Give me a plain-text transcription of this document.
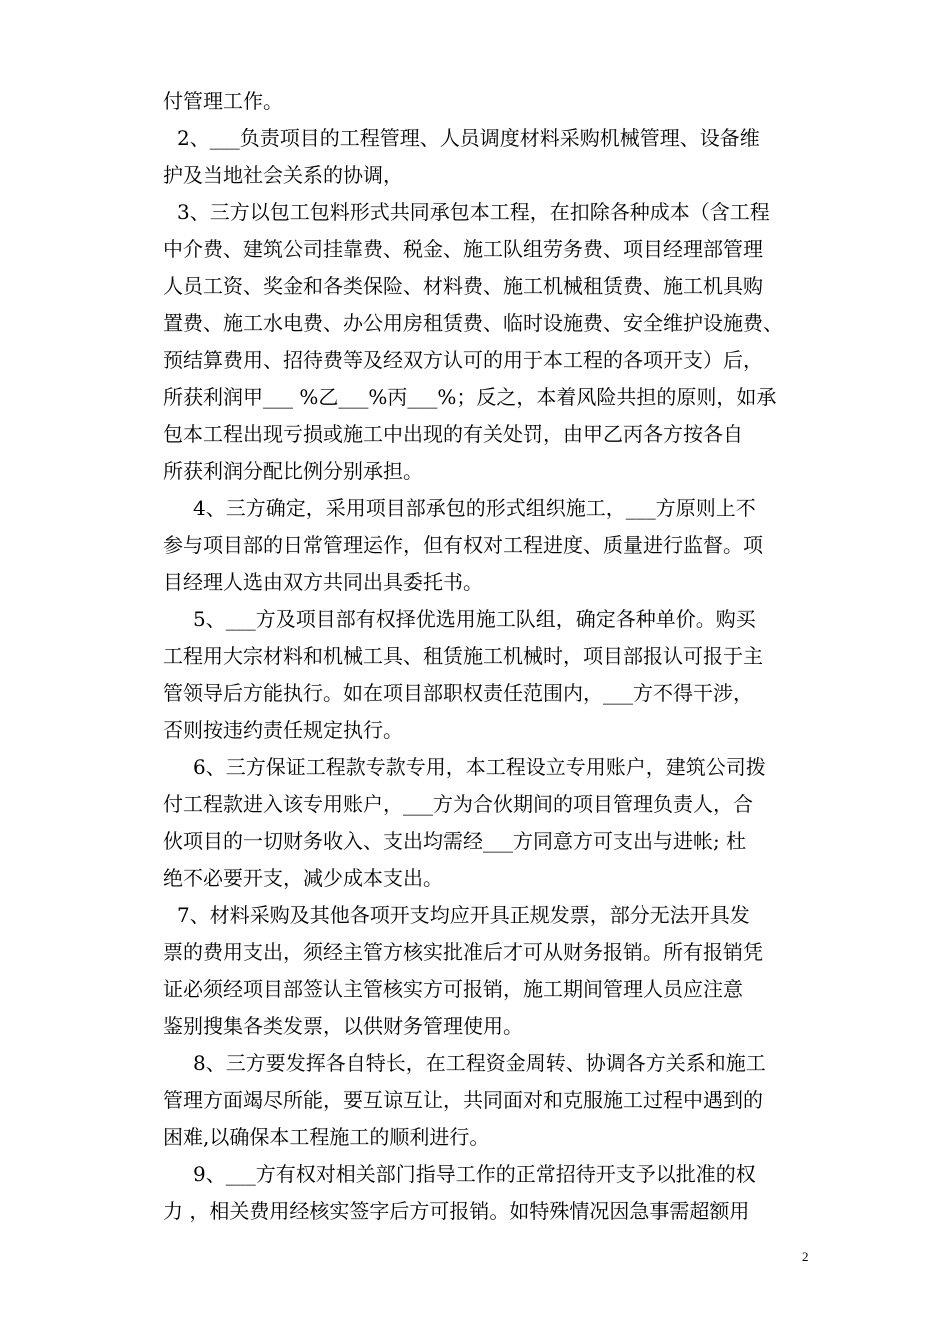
付管理工作。
2、___负责项目的工程管理、人员调度材料采购机械管理、设备维
护及当地社会关系的协调，
3、三方以包工包料形式共同承包本工程，在扣除各种成本（含工程
中介费、建筑公司挂靠费、税金、施工队组劳务费、项目经理部管理
人员工资、奖金和各类保险、材料费、施工机械租赁费、施工机具购
置费、施工水电费、办公用房租赁费、临时设施费、安全维护设施费、
预结算费用、招待费等及经双方认可的用于本工程的各项开支）后，
所获利润甲___ %乙___%丙___%；反之，本着风险共担的原则，如承
包本工程出现亏损或施工中出现的有关处罚，由甲乙丙各方按各自
所获利润分配比例分别承担。
4、三方确定，采用项目部承包的形式组织施工，___方原则上不
参与项目部的日常管理运作，但有权对工程进度、质量进行监督。项
目经理人选由双方共同出具委托书。
5、___方及项目部有权择优选用施工队组，确定各种单价。购买
工程用大宗材料和机械工具、租赁施工机械时，项目部报认可报于主
管领导后方能执行。如在项目部职权责任范围内，___方不得干涉，
否则按违约责任规定执行。
6、三方保证工程款专款专用，本工程设立专用账户，建筑公司拨
付工程款进入该专用账户，___方为合伙期间的项目管理负责人，合
伙项目的一切财务收入、支出均需经___方同意方可支出与进帐; 杜
绝不必要开支，减少成本支出。
7、材料采购及其他各项开支均应开具正规发票，部分无法开具发
票的费用支出，须经主管方核实批准后才可从财务报销。所有报销凭
证必须经项目部签认主管核实方可报销，施工期间管理人员应注意
鉴别搜集各类发票，以供财务管理使用。
8、三方要发挥各自特长，在工程资金周转、协调各方关系和施工
管理方面竭尽所能，要互谅互让，共同面对和克服施工过程中遇到的
困难,以确保本工程施工的顺利进行。
9、___方有权对相关部门指导工作的正常招待开支予以批准的权
力 ，相关费用经核实签字后方可报销。如特殊情况因急事需超额用
2
